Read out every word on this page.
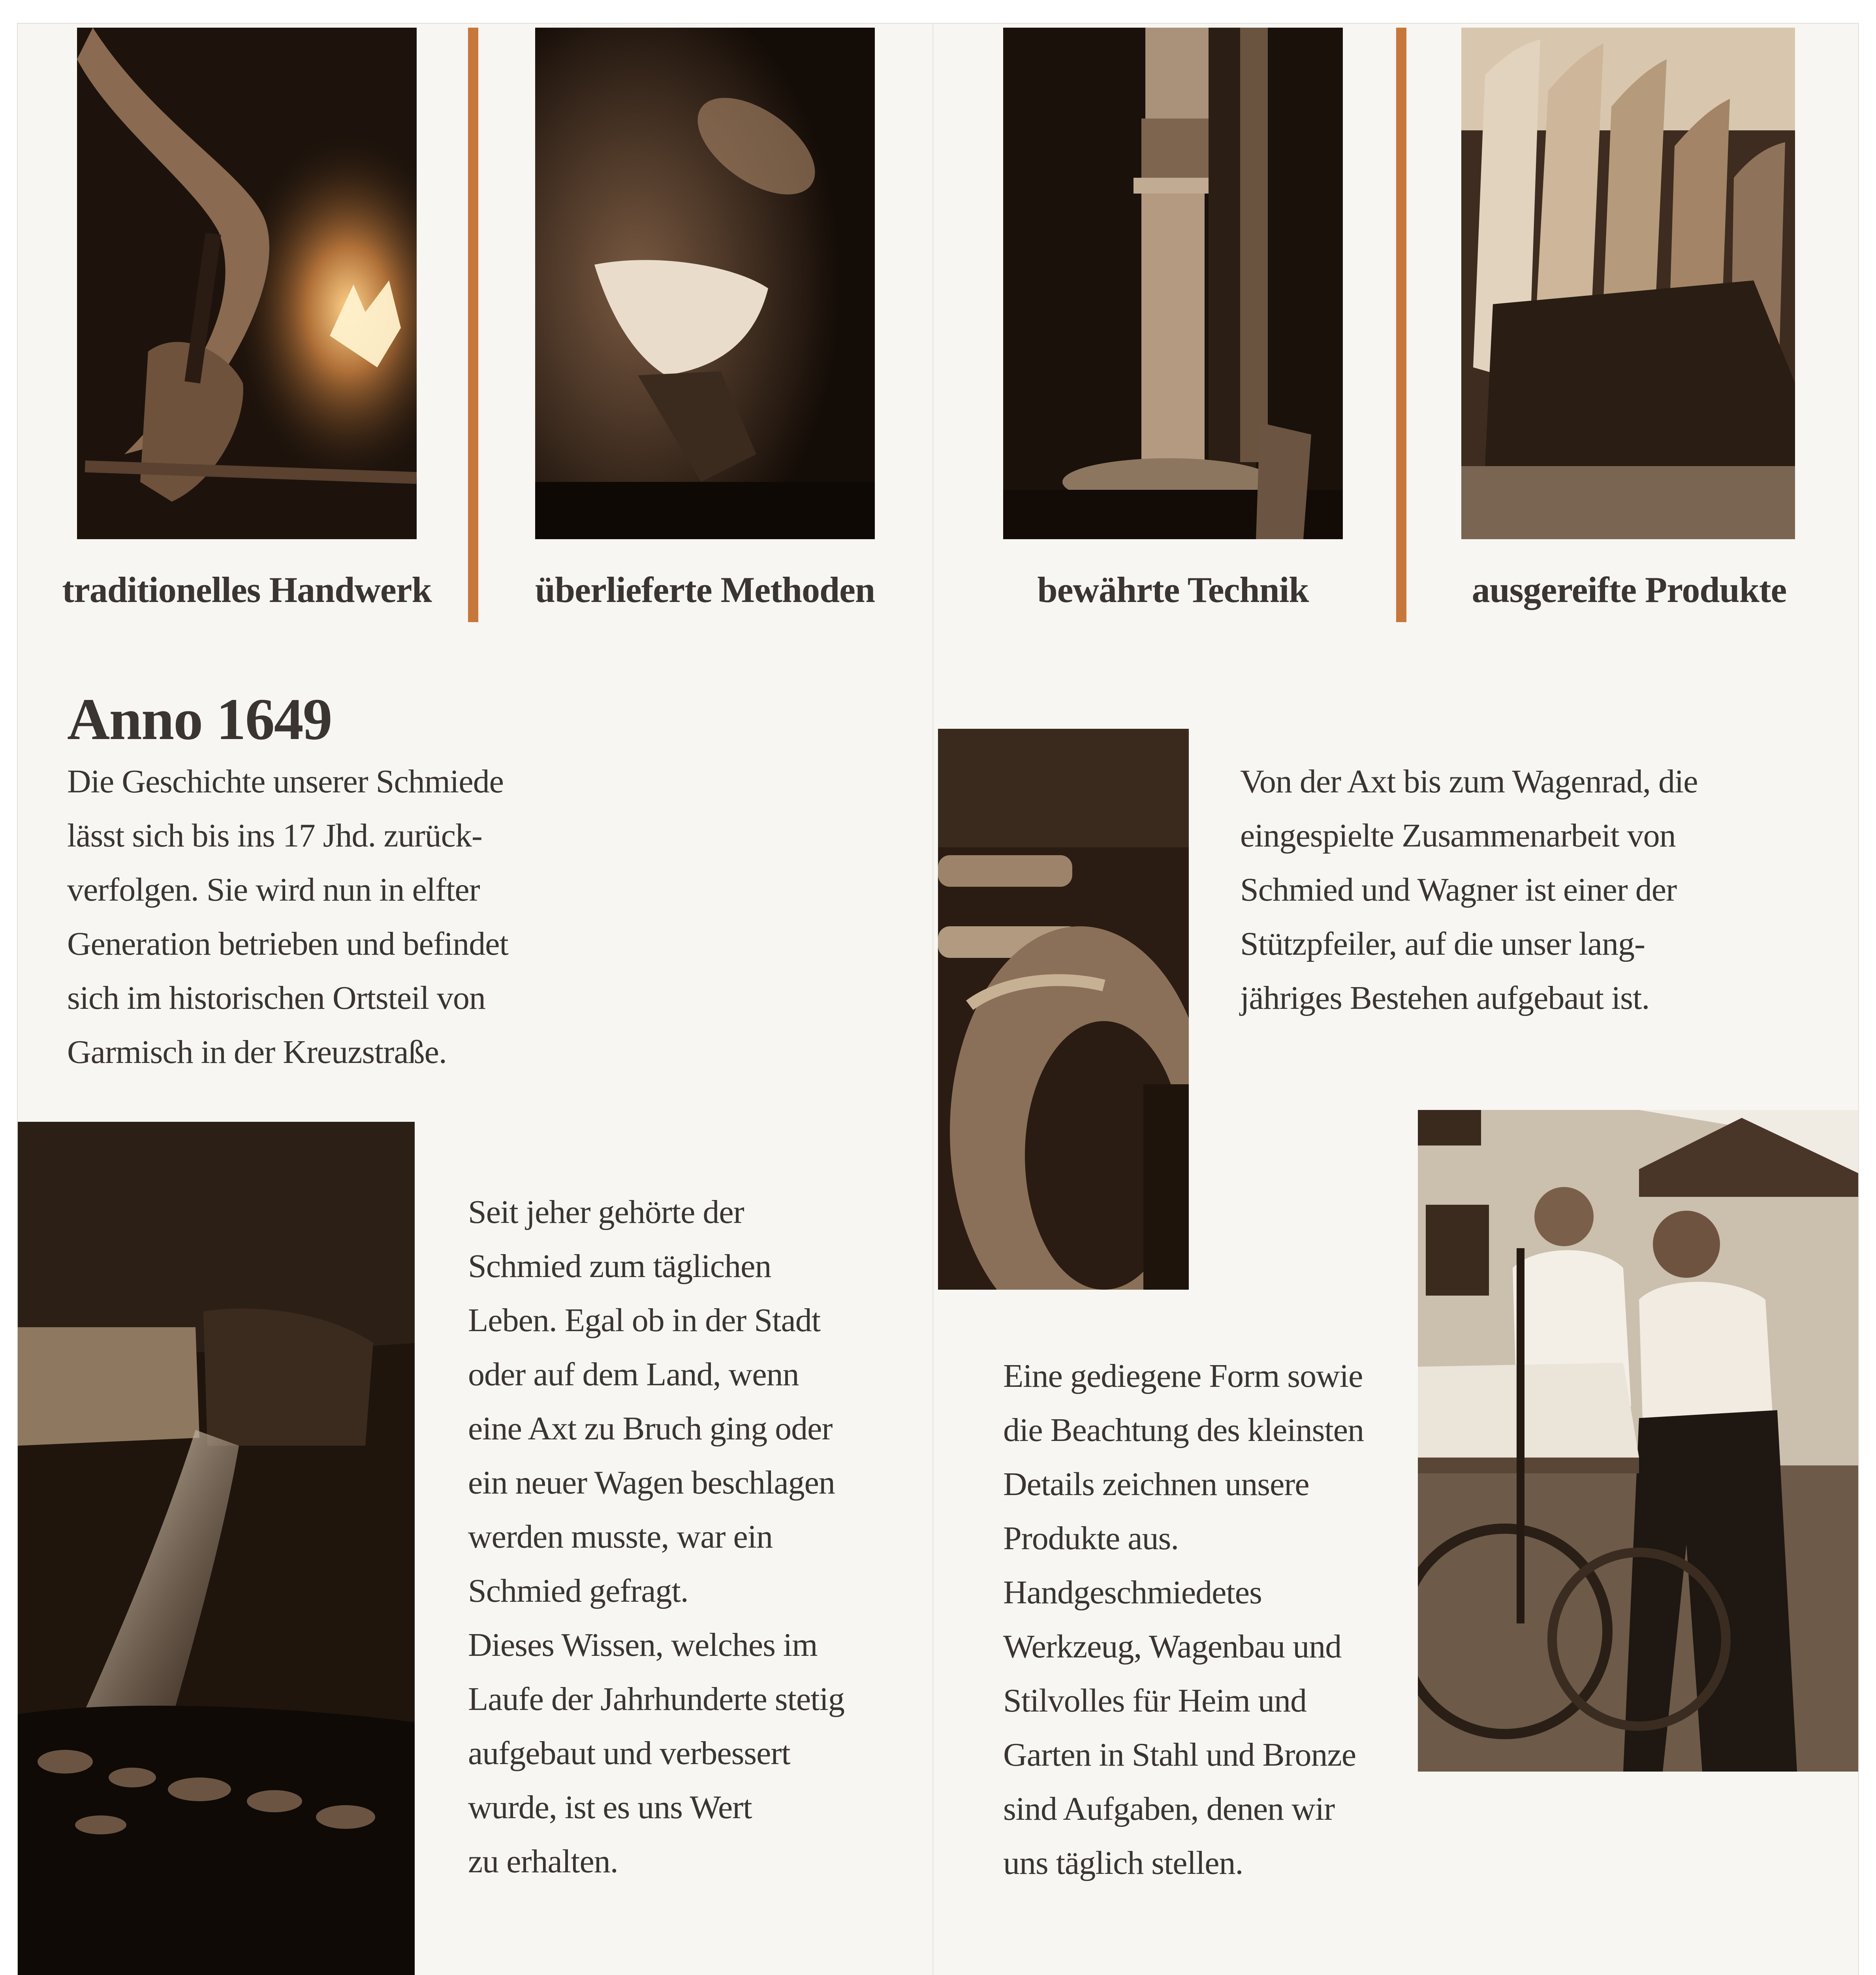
traditionelles Handwerk	überlieferte Methoden	bewährte Technik	ausgereifte Produkte
Anno 1649
Die Geschichte unserer Schmiede
lässt sich bis ins 17 Jhd. zurück-
verfolgen. Sie wird nun in elfter
Generation betrieben und befindet
sich im historischen Ortsteil von
Garmisch in der Kreuzstraße.
Von der Axt bis zum Wagenrad, die
eingespielte Zusammenarbeit von
Schmied und Wagner ist einer der
Stützpfeiler, auf die unser lang-
jähriges Bestehen aufgebaut ist.
Seit jeher gehörte der
Schmied zum täglichen
Leben. Egal ob in der Stadt
oder auf dem Land, wenn
eine Axt zu Bruch ging oder
ein neuer Wagen beschlagen
werden musste, war ein
Schmied gefragt.
Dieses Wissen, welches im
Laufe der Jahrhunderte stetig
aufgebaut und verbessert
wurde, ist es uns Wert
zu erhalten.
Eine gediegene Form sowie
die Beachtung des kleinsten
Details zeichnen unsere
Produkte aus.
Handgeschmiedetes
Werkzeug, Wagenbau und
Stilvolles für Heim und
Garten in Stahl und Bronze
sind Aufgaben, denen wir
uns täglich stellen.
